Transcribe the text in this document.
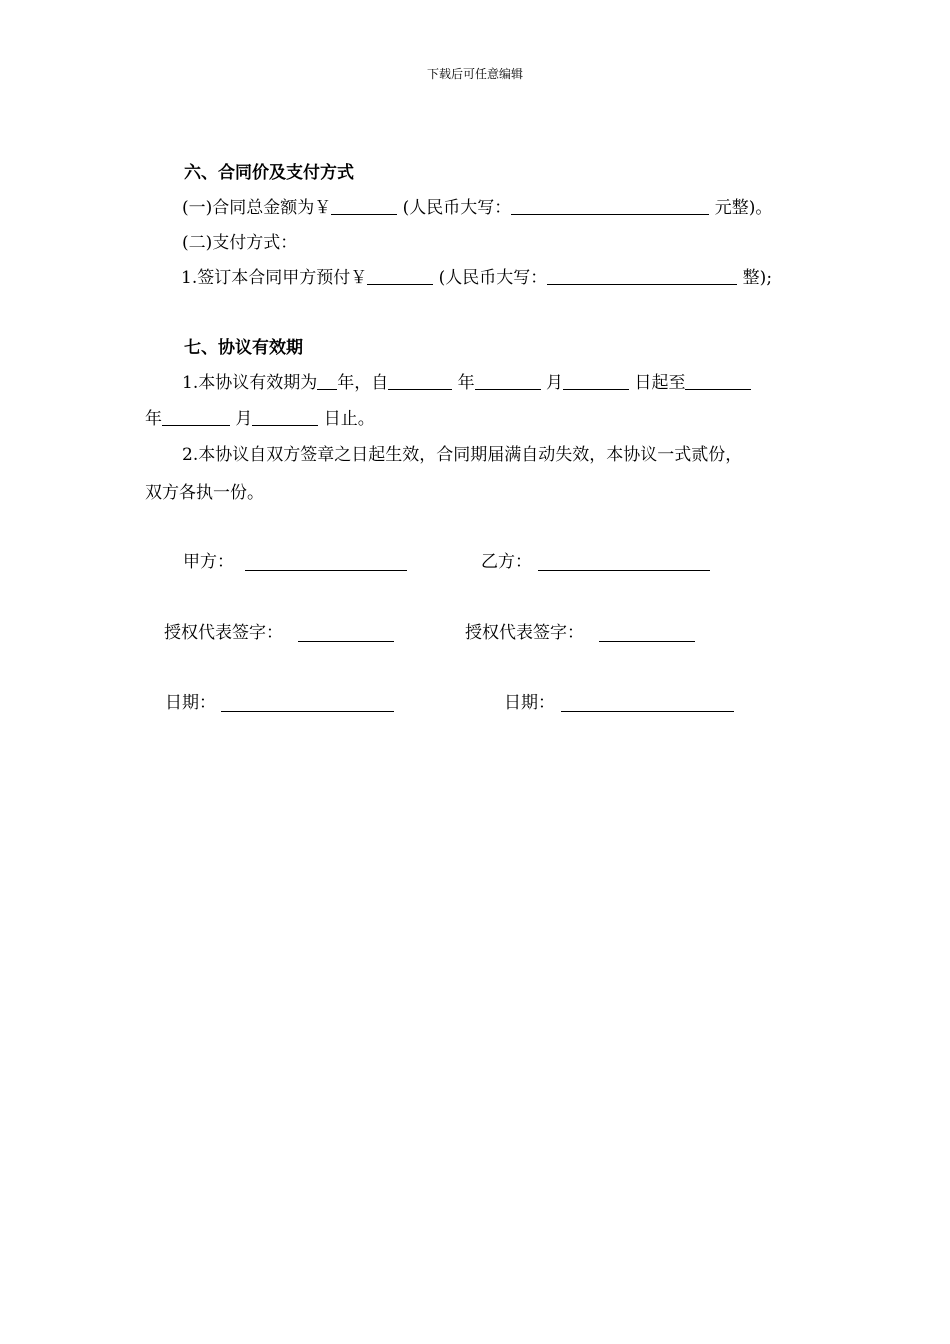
下载后可任意编辑
六、合同价及支付方式
(一)合同总金额为￥	(人民币大写：	元整)。
(二)支付方式：
1.签订本合同甲方预付￥	(人民币大写：	整);
七、协议有效期
1.本协议有效期为 年，自	年	月	日起至
年	月	日止。
2.本协议自双方签章之日起生效，合同期届满自动失效，本协议一式贰份，
双方各执一份。
甲方：	乙方：
授权代表签字：	授权代表签字：
日期：	日期：
